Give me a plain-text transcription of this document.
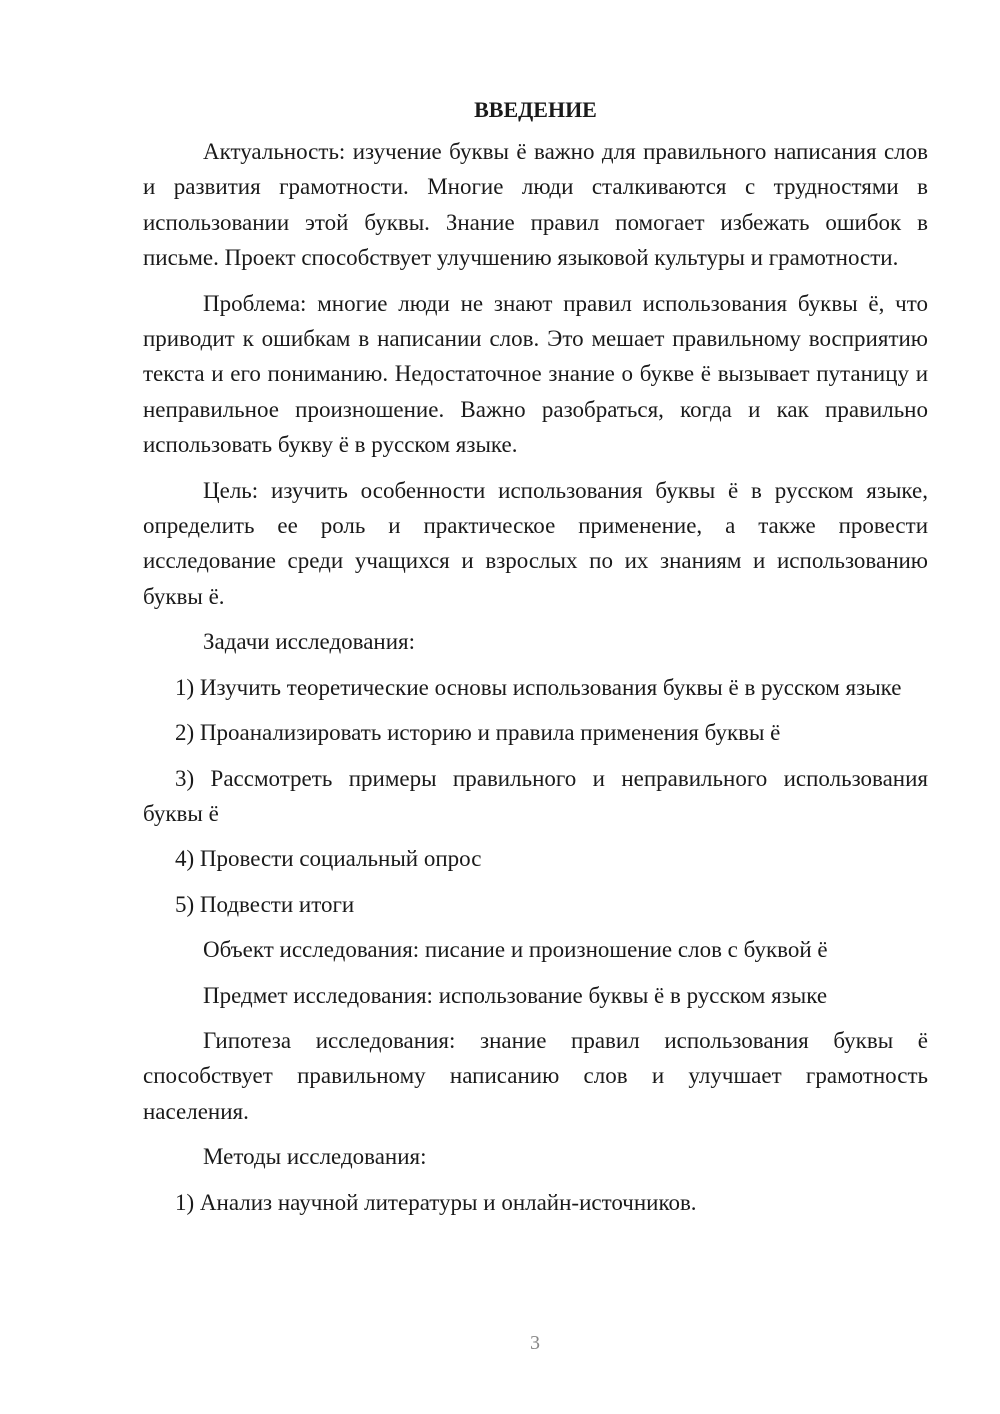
ВВЕДЕНИЕ

Актуальность: изучение буквы ё важно для правильного написания слов и развития грамотности. Многие люди сталкиваются с трудностями в использовании этой буквы. Знание правил помогает избежать ошибок в письме. Проект способствует улучшению языковой культуры и грамотности.

Проблема: многие люди не знают правил использования буквы ё, что приводит к ошибкам в написании слов. Это мешает правильному восприятию текста и его пониманию. Недостаточное знание о букве ё вызывает путаницу и неправильное произношение. Важно разобраться, когда и как правильно использовать букву ё в русском языке.

Цель: изучить особенности использования буквы ё в русском языке, определить ее роль и практическое применение, а также провести исследование среди учащихся и взрослых по их знаниям и использованию буквы ё.

Задачи исследования:

1) Изучить теоретические основы использования буквы ё в русском языке

2) Проанализировать историю и правила применения буквы ё

3) Рассмотреть примеры правильного и неправильного использования буквы ё

4) Провести социальный опрос

5) Подвести итоги

Объект исследования: писание и произношение слов с буквой ё

Предмет исследования: использование буквы ё в русском языке

Гипотеза исследования: знание правил использования буквы ё способствует правильному написанию слов и улучшает грамотность населения.

Методы исследования:

1) Анализ научной литературы и онлайн-источников.

3
